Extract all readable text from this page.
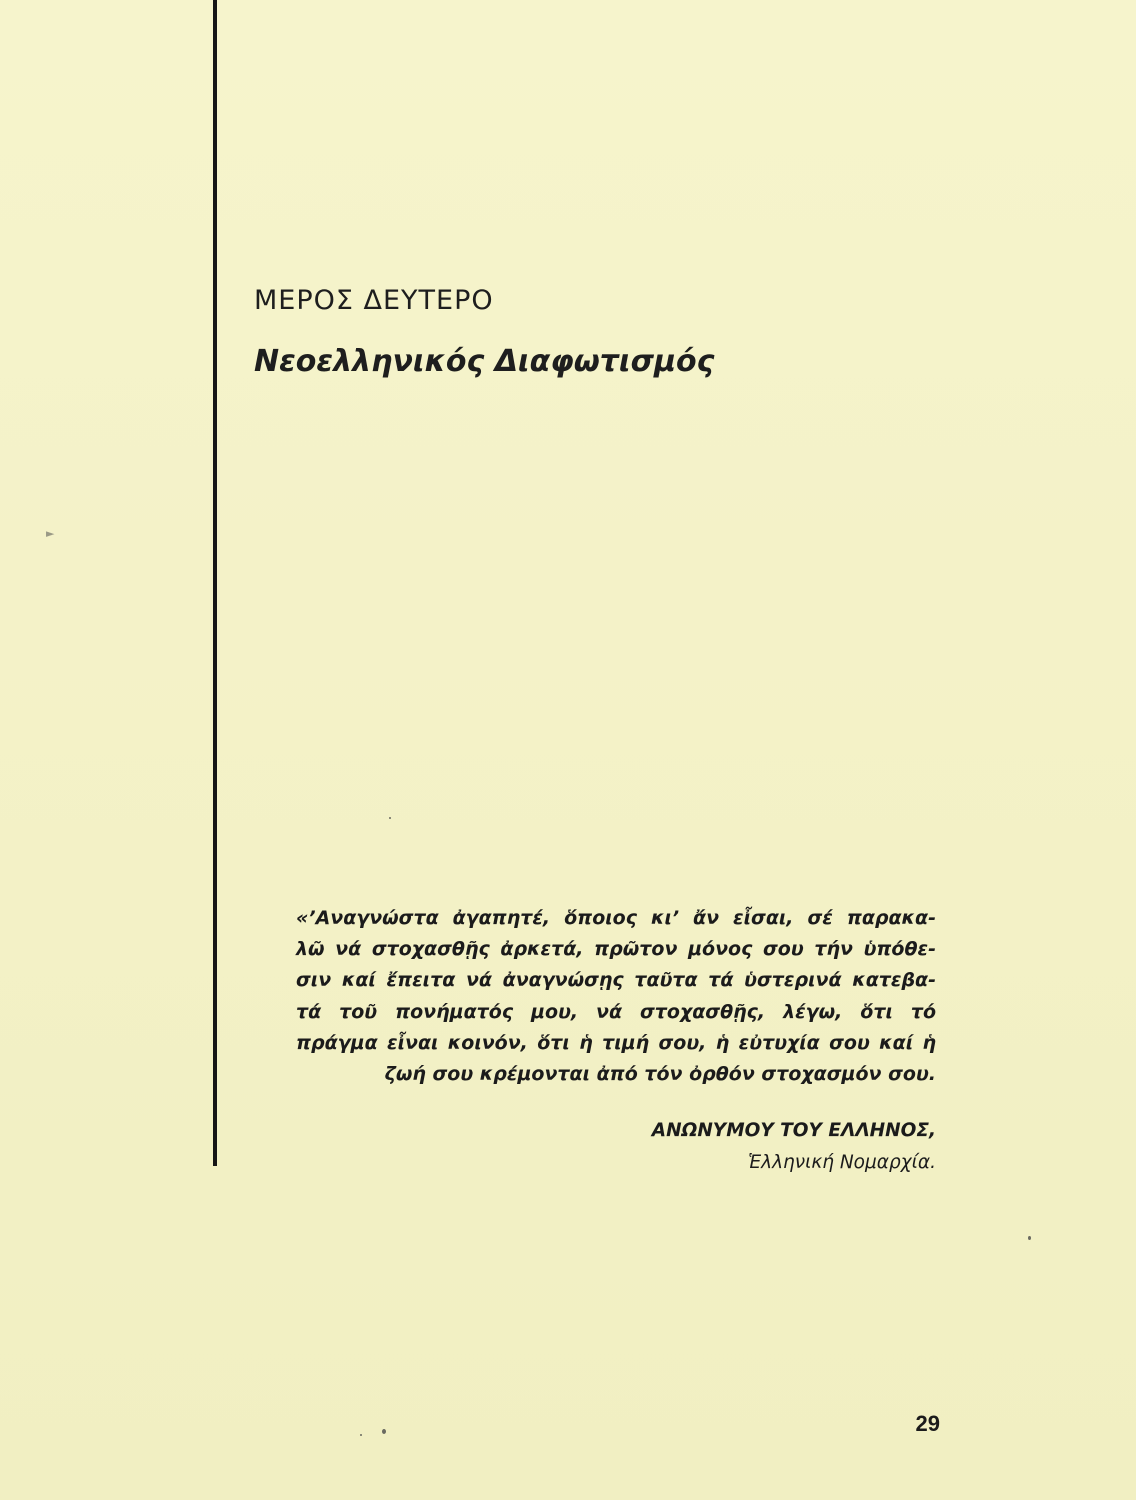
►
ΜΕΡΟΣ ΔΕΥΤΕΡΟ
Νεοελληνικός Διαφωτισμός

«’Αναγνώστα ἀγαπητέ, ὅποιος κι’ ἄν εἶσαι, σέ παρακα-
λῶ νά στοχασθῇς ἀρκετά, πρῶτον μόνος σου τήν ὑπόθε-
σιν καί ἔπειτα νά ἀναγνώσῃς ταῦτα τά ὑστερινά κατεβα-
τά τοῦ πονήματός μου, νά στοχασθῇς, λέγω, ὅτι τό
πράγμα εἶναι κοινόν, ὅτι ἡ τιμή σου, ἡ εὐτυχία σου καί ἡ
ζωή σου κρέμονται ἀπό τόν ὀρθόν στοχασμόν σου.

ΑΝΩΝΥΜΟΥ ΤΟΥ ΕΛΛΗΝΟΣ,
Ἑλληνική Νομαρχία.
29
